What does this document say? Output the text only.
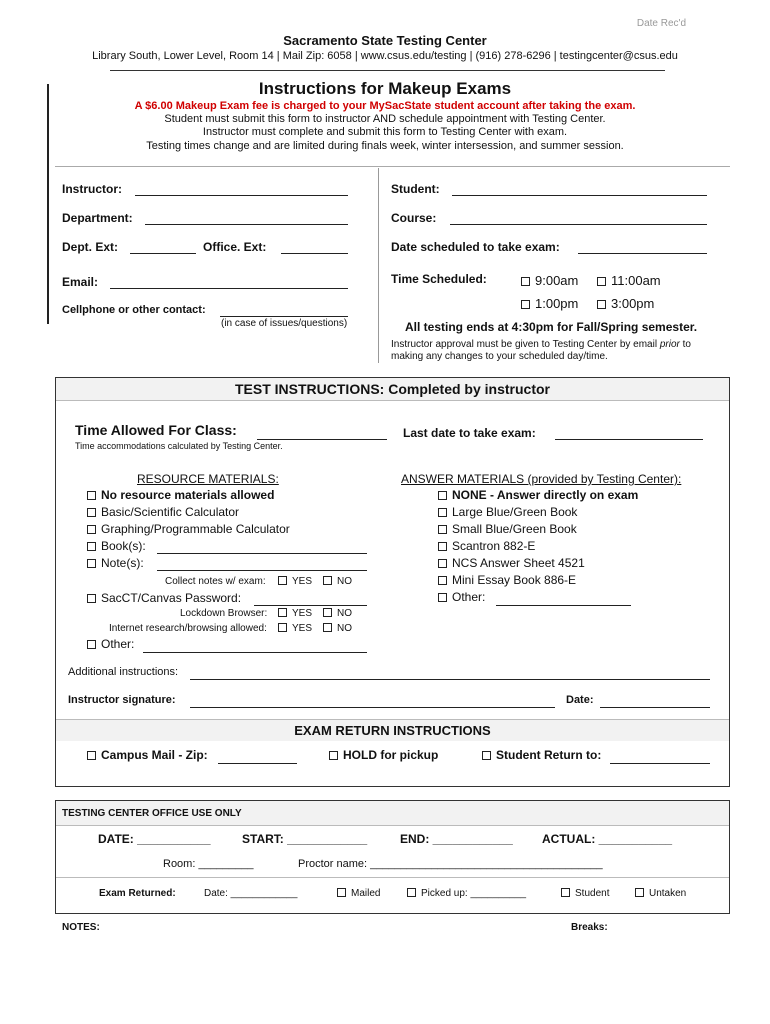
Date Rec'd
Sacramento State Testing Center
Library South, Lower Level, Room 14 | Mail Zip: 6058 | www.csus.edu/testing | (916) 278-6296 | testingcenter@csus.edu
Instructions for Makeup Exams
A $6.00 Makeup Exam fee is charged to your MySacState student account after taking the exam.
Student must submit this form to instructor AND schedule appointment with Testing Center.
Instructor must complete and submit this form to Testing Center with exam.
Testing times change and are limited during finals week, winter intersession, and summer session.
Instructor:	Student:
Department:	Course:
Dept. Ext:	Office. Ext:	Date scheduled to take exam:
Email:	Time Scheduled:	9:00am	11:00am
1:00pm	3:00pm
Cellphone or other contact:
(in case of issues/questions)	All testing ends at 4:30pm for Fall/Spring semester.
Instructor approval must be given to Testing Center by email prior to
making any changes to your scheduled day/time.
TEST INSTRUCTIONS: Completed by instructor
Time Allowed For Class:
Time accommodations calculated by Testing Center.
Last date to take exam:
RESOURCE MATERIALS:
No resource materials allowed
Basic/Scientific Calculator
Graphing/Programmable Calculator
Book(s):
Note(s):
Collect notes w/ exam:	YES	NO
SacCT/Canvas Password:
Lockdown Browser:	YES	NO
Internet research/browsing allowed:	YES	NO
Other:
ANSWER MATERIALS (provided by Testing Center):
NONE - Answer directly on exam
Large Blue/Green Book
Small Blue/Green Book
Scantron 882-E
NCS Answer Sheet 4521
Mini Essay Book 886-E
Other:
Additional instructions:
Instructor signature:	Date:
EXAM RETURN INSTRUCTIONS
Campus Mail - Zip:	HOLD for pickup	Student Return to:
TESTING CENTER OFFICE USE ONLY
DATE: ___________	START: ____________	END: ____________ ACTUAL: ___________
Room: _________	Proctor name: ______________________________________
Exam Returned:	Date: ____________	Mailed	Picked up: __________	Student	Untaken
NOTES:	Breaks:
